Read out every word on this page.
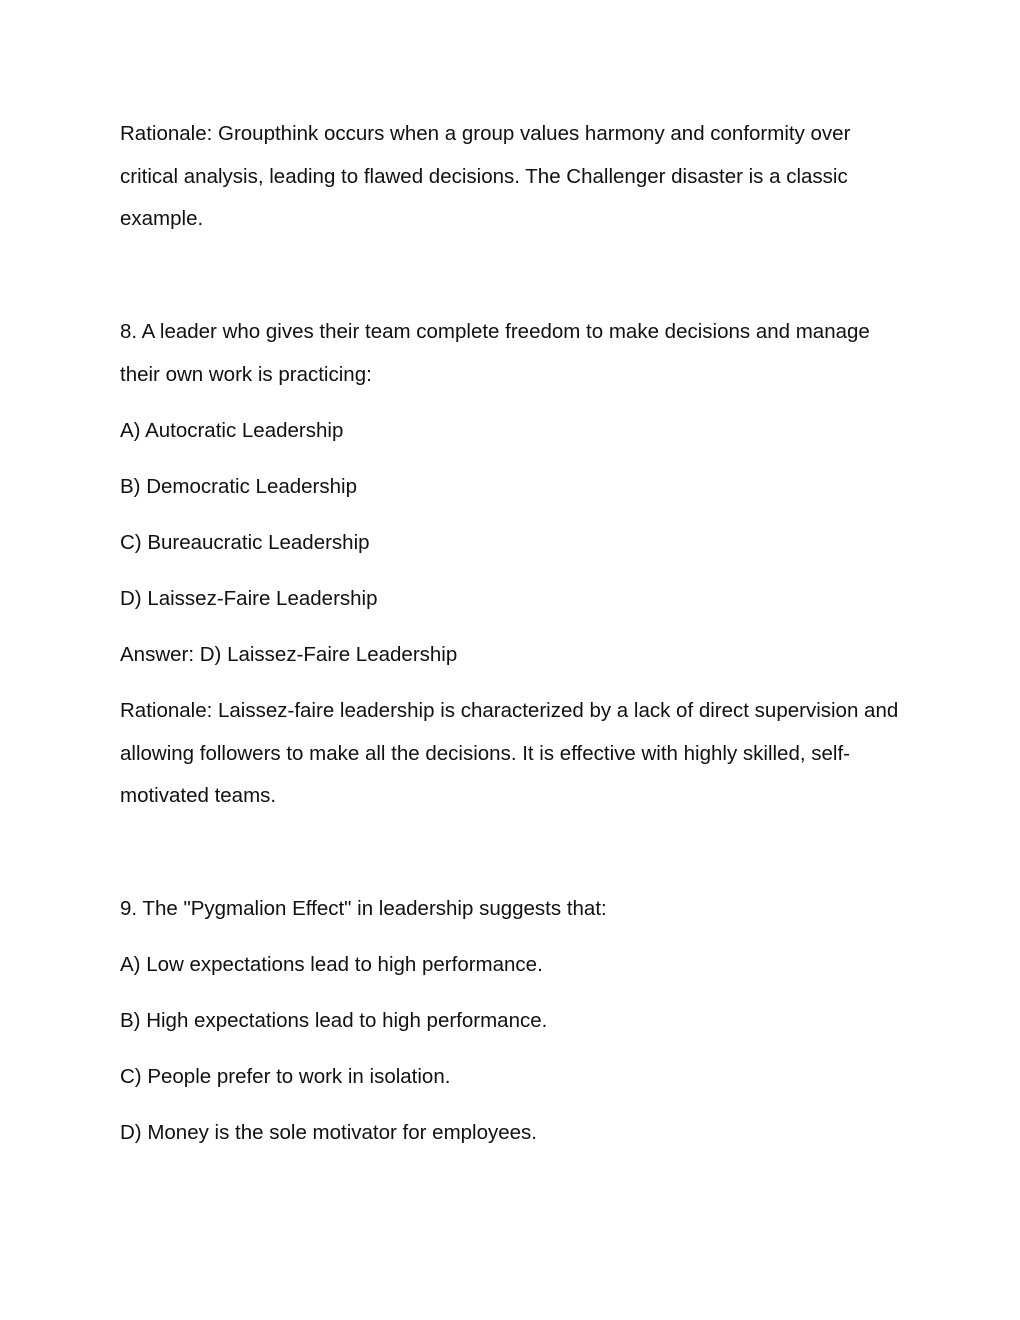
Rationale: Groupthink occurs when a group values harmony and conformity over critical analysis, leading to flawed decisions. The Challenger disaster is a classic example.

8. A leader who gives their team complete freedom to make decisions and manage their own work is practicing:

A) Autocratic Leadership

B) Democratic Leadership

C) Bureaucratic Leadership

D) Laissez-Faire Leadership

Answer: D) Laissez-Faire Leadership

Rationale: Laissez-faire leadership is characterized by a lack of direct supervision and allowing followers to make all the decisions. It is effective with highly skilled, self-motivated teams.

9. The "Pygmalion Effect" in leadership suggests that:

A) Low expectations lead to high performance.

B) High expectations lead to high performance.

C) People prefer to work in isolation.

D) Money is the sole motivator for employees.
